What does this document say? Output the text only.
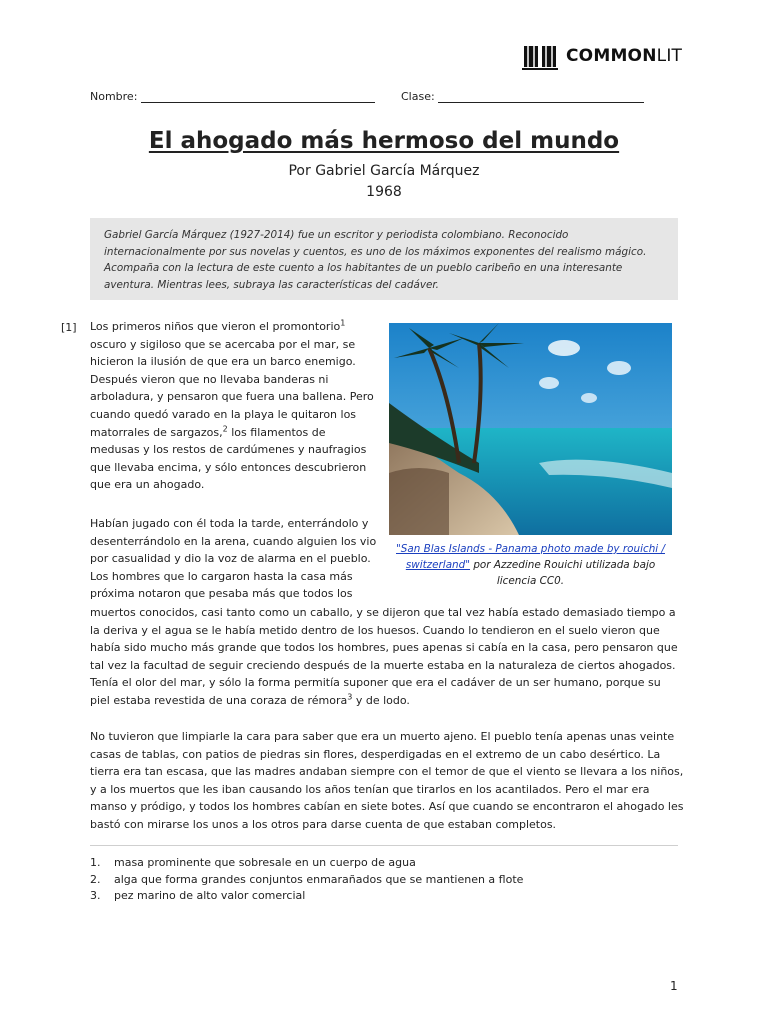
COMMONLIT
Nombre:	Clase:
El ahogado más hermoso del mundo
Por Gabriel García Márquez
1968
Gabriel García Márquez (1927-2014) fue un escritor y periodista colombiano. Reconocido internacionalmente por sus novelas y cuentos, es uno de los máximos exponentes del realismo mágico. Acompaña con la lectura de este cuento a los habitantes de un pueblo caribeño en una interesante aventura. Mientras lees, subraya las características del cadáver.
[1] Los primeros niños que vieron el promontorio$^1$ oscuro y sigiloso que se acercaba por el mar, se hicieron la ilusión de que era un barco enemigo. Después vieron que no llevaba banderas ni arboladura, y pensaron que fuera una ballena. Pero cuando quedó varado en la playa le quitaron los matorrales de sargazos,$^2$ los filamentos de medusas y los restos de cardúmenes y naufragios que llevaba encima, y sólo entonces descubrieron que era un ahogado.

Habían jugado con él toda la tarde, enterrándolo y desenterrándolo en la arena, cuando alguien los vio por casualidad y dio la voz de alarma en el pueblo. Los hombres que lo cargaron hasta la casa más próxima notaron que pesaba más que todos los

muertos conocidos, casi tanto como un caballo, y se dijeron que tal vez había estado demasiado tiempo a la deriva y el agua se le había metido dentro de los huesos. Cuando lo tendieron en el suelo vieron que había sido mucho más grande que todos los hombres, pues apenas si cabía en la casa, pero pensaron que tal vez la facultad de seguir creciendo después de la muerte estaba en la naturaleza de ciertos ahogados. Tenía el olor del mar, y sólo la forma permitía suponer que era el cadáver de un ser humano, porque su piel estaba revestida de una coraza de rémora$^3$ y de lodo.

No tuvieron que limpiarle la cara para saber que era un muerto ajeno. El pueblo tenía apenas unas veinte casas de tablas, con patios de piedras sin flores, desperdigadas en el extremo de un cabo desértico. La tierra era tan escasa, que las madres andaban siempre con el temor de que el viento se llevara a los niños, y a los muertos que les iban causando los años tenían que tirarlos en los acantilados. Pero el mar era manso y pródigo, y todos los hombres cabían en siete botes. Así que cuando se encontraron el ahogado les bastó con mirarse los unos a los otros para darse cuenta de que estaban completos.

"San Blas Islands - Panama photo made by rouichi / switzerland" por Azzedine Rouichi utilizada bajo licencia CC0.
1.	masa prominente que sobresale en un cuerpo de agua
2.	alga que forma grandes conjuntos enmarañados que se mantienen a flote
3.	pez marino de alto valor comercial
1
